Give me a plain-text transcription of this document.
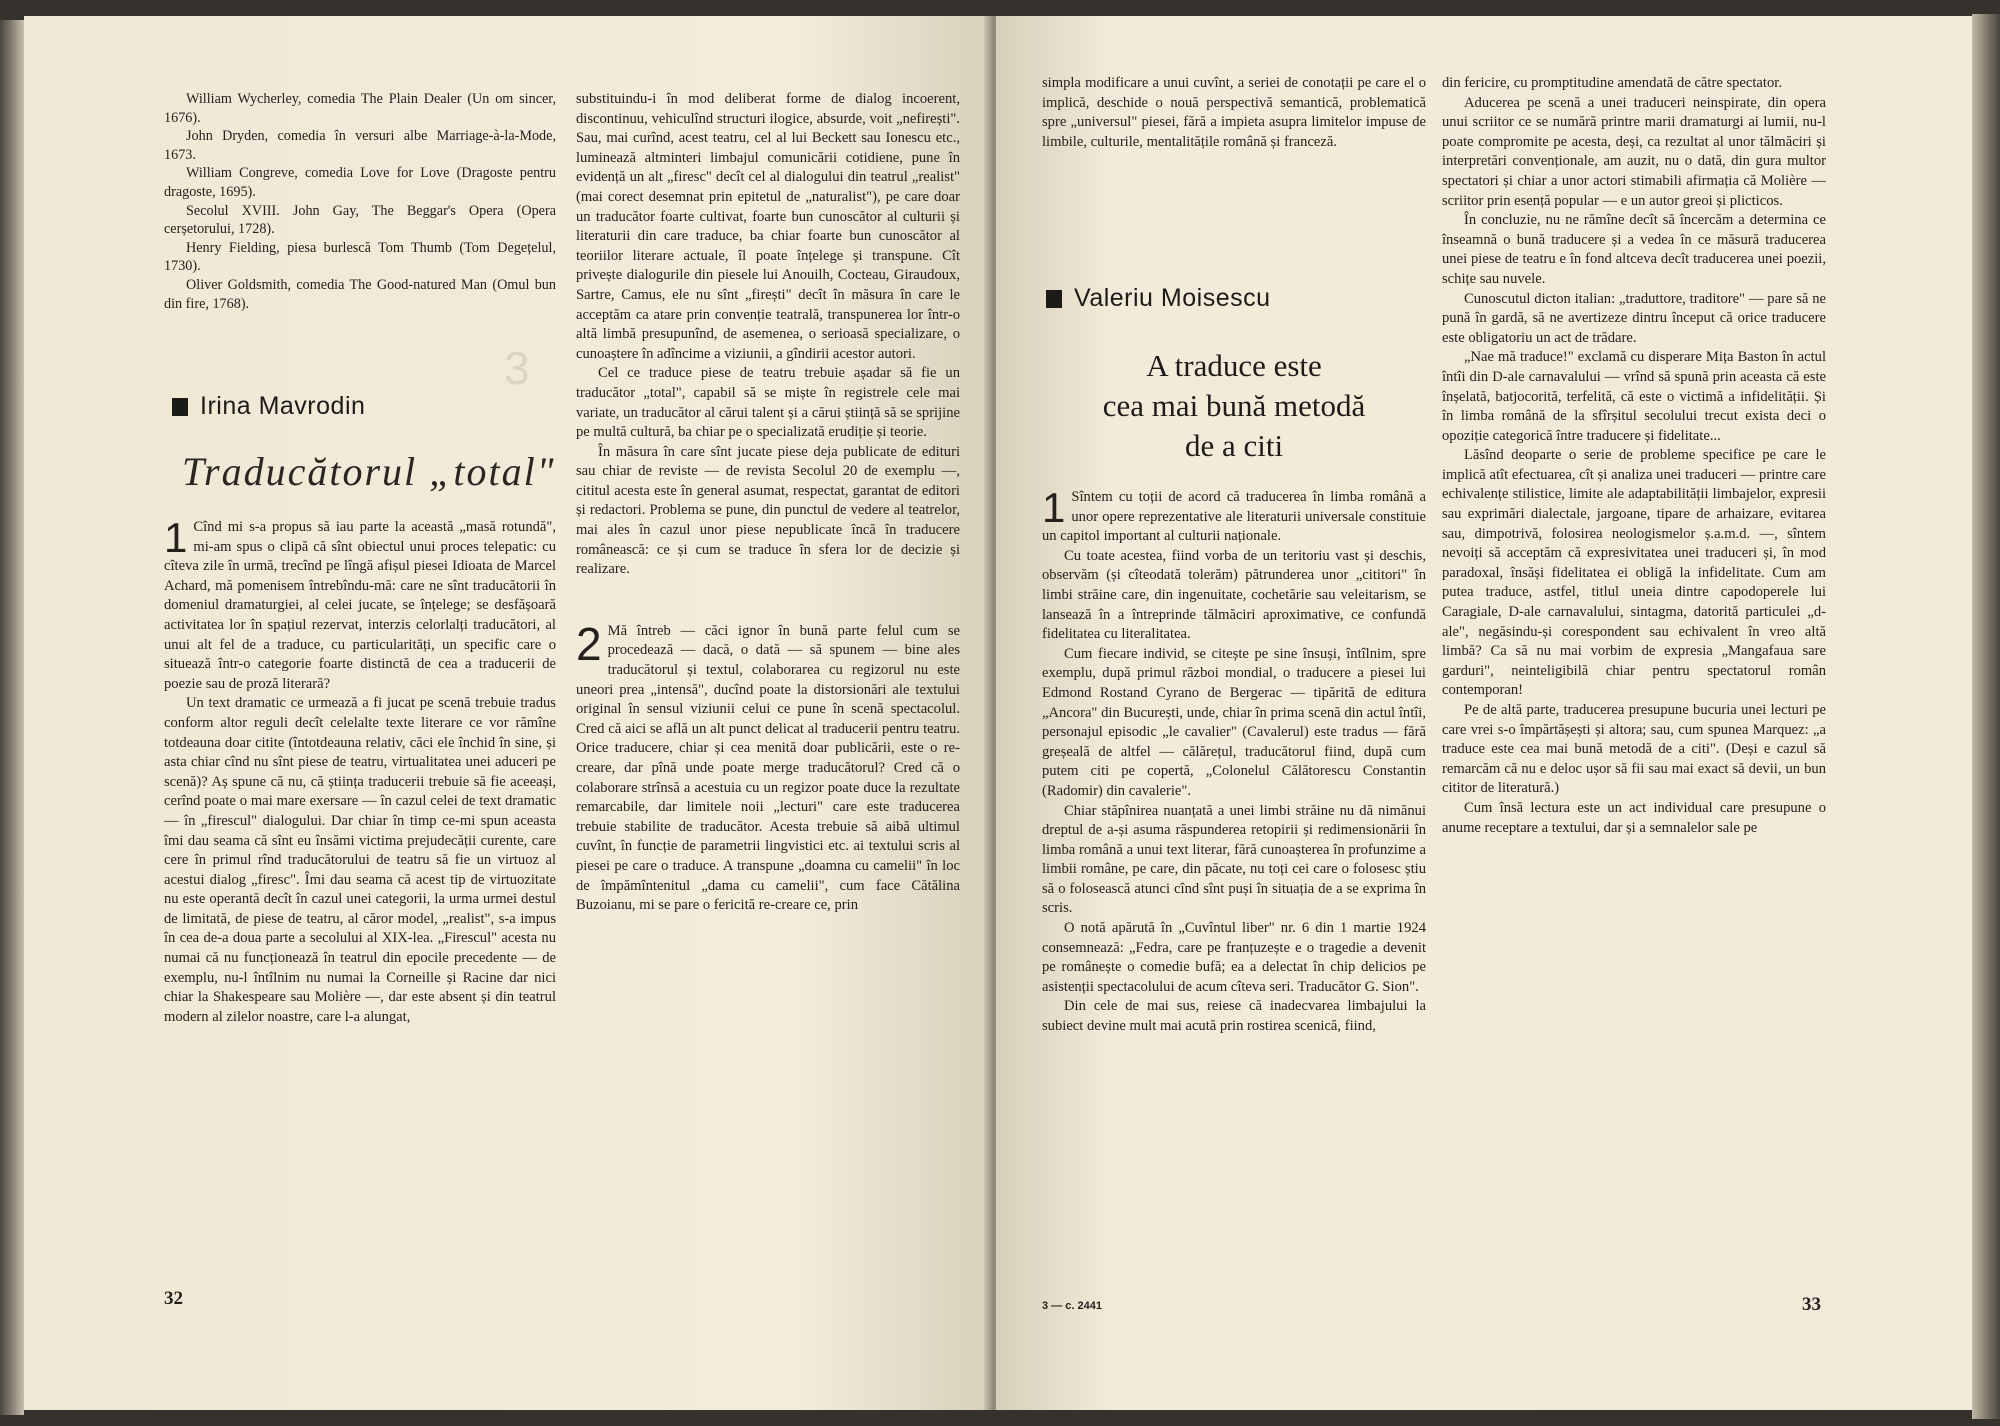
3

William Wycherley, comedia The Plain Dealer (Un om sincer, 1676).

John Dryden, comedia în versuri albe Marriage-à-la-Mode, 1673.

William Congreve, comedia Love for Love (Dragoste pentru dragoste, 1695).

Secolul XVIII. John Gay, The Beggar's Opera (Opera cerșetorului, 1728).

Henry Fielding, piesa burlescă Tom Thumb (Tom Degețelul, 1730).

Oliver Goldsmith, comedia The Good-natured Man (Omul bun din fire, 1768).

Irina Mavrodin
Traducătorul „total"
1 Cînd mi s-a propus să iau parte la această „masă rotundă", mi-am spus o clipă că sînt obiectul unui proces telepatic: cu cîteva zile în urmă, trecînd pe lîngă afișul piesei Idioata de Marcel Achard, mă pomenisem întrebîndu-mă: care ne sînt traducătorii în domeniul dramaturgiei, al celei jucate, se înțelege; se desfășoară activitatea lor în spațiul rezervat, interzis celorlalți traducători, al unui alt fel de a traduce, cu particularitāți, un specific care o situează într-o categorie foarte distinctă de cea a traducerii de poezie sau de proză literară?

Un text dramatic ce urmează a fi jucat pe scenă trebuie tradus conform altor reguli decît celelalte texte literare ce vor rămîne totdeauna doar citite (întotdeauna relativ, căci ele închid în sine, și asta chiar cînd nu sînt piese de teatru, virtualitatea unei aduceri pe scenă)? Aș spune că nu, că știința traducerii trebuie să fie aceeași, cerînd poate o mai mare exersare — în cazul celei de text dramatic — în „firescul" dialogului. Dar chiar în timp ce-mi spun aceasta îmi dau seama că sînt eu însămi victima prejudecății curente, care cere în primul rînd traducătorului de teatru să fie un virtuoz al acestui dialog „firesc". Îmi dau seama că acest tip de virtuozitate nu este operantă decît în cazul unei categorii, la urma urmei destul de limitată, de piese de teatru, al căror model, „realist", s-a impus în cea de-a doua parte a secolului al XIX-lea. „Firescul" acesta nu numai că nu funcționează în teatrul din epocile precedente — de exemplu, nu-l întîlnim nu numai la Corneille și Racine dar nici chiar la Shakespeare sau Molière —, dar este absent și din teatrul modern al zilelor noastre, care l-a alungat,

substituindu-i în mod deliberat forme de dialog incoerent, discontinuu, vehiculînd structuri ilogice, absurde, voit „nefirești". Sau, mai curînd, acest teatru, cel al lui Beckett sau Ionescu etc., luminează altminteri limbajul comunicării cotidiene, pune în evidență un alt „firesc" decît cel al dialogului din teatrul „realist" (mai corect desemnat prin epitetul de „naturalist"), pe care doar un traducător foarte cultivat, foarte bun cunoscător al culturii și literaturii din care traduce, ba chiar foarte bun cunoscător al teoriilor literare actuale, îl poate înțelege și transpune. Cît privește dialogurile din piesele lui Anouilh, Cocteau, Giraudoux, Sartre, Camus, ele nu sînt „firești" decît în măsura în care le acceptăm ca atare prin convenție teatrală, transpunerea lor într-o altă limbă presupunînd, de asemenea, o serioasă specializare, o cunoaștere în adîncime a viziunii, a gîndirii acestor autori.

Cel ce traduce piese de teatru trebuie așadar să fie un traducător „total", capabil să se miște în registrele cele mai variate, un traducător al cărui talent și a cărui știință să se sprijine pe multă cultură, ba chiar pe o specializată erudiție și teorie.

În măsura în care sînt jucate piese deja publicate de edituri sau chiar de reviste — de revista Secolul 20 de exemplu —, cititul acesta este în general asumat, respectat, garantat de editori și redactori. Problema se pune, din punctul de vedere al teatrelor, mai ales în cazul unor piese nepublicate încă în traducere românească: ce și cum se traduce în sfera lor de decizie și realizare.

2 Mă întreb — căci ignor în bună parte felul cum se procedează — dacă, o dată — să spunem — bine ales traducătorul și textul, colaborarea cu regizorul nu este uneori prea „intensă", ducînd poate la distorsionări ale textului original în sensul viziunii celui ce pune în scenă spectacolul. Cred că aici se află un alt punct delicat al traducerii pentru teatru. Orice traducere, chiar și cea menită doar publicării, este o re-creare, dar pînă unde poate merge traducătorul? Cred că o colaborare strînsă a acestuia cu un regizor poate duce la rezultate remarcabile, dar limitele noii „lecturi" care este traducerea trebuie stabilite de traducător. Acesta trebuie să aibă ultimul cuvînt, în funcție de parametrii lingvistici etc. ai textului scris al piesei pe care o traduce. A transpune „doamna cu camelii" în loc de împămîntenitul „dama cu camelii", cum face Cătălina Buzoianu, mi se pare o fericită re-creare ce, prin

32

simpla modificare a unui cuvînt, a seriei de conotații pe care el o implică, deschide o nouă perspectivă semantică, problematică spre „universul" piesei, fără a impieta asupra limitelor impuse de limbile, culturile, mentalitățile română și franceză.

Valeriu Moisescu
A traduce este
cea mai bună metodă
de a citi
1 Sîntem cu toții de acord că traducerea în limba română a unor opere reprezentative ale literaturii universale constituie un capitol important al culturii naționale.

Cu toate acestea, fiind vorba de un teritoriu vast și deschis, observăm (și cîteodată tolerăm) pătrunderea unor „cititori" în limbi străine care, din ingenuitate, cochetărie sau veleitarism, se lansează în a întreprinde tălmăciri aproximative, ce confundă fidelitatea cu literalitatea.

Cum fiecare individ, se citește pe sine însuși, întîlnim, spre exemplu, după primul război mondial, o traducere a piesei lui Edmond Rostand Cyrano de Bergerac — tipărită de editura „Ancora" din București, unde, chiar în prima scenă din actul întîi, personajul episodic „le cavalier" (Cavalerul) este tradus — fără greșeală de altfel — călărețul, traducătorul fiind, după cum putem citi pe copertă, „Colonelul Călătorescu Constantin (Radomir) din cavalerie".

Chiar stăpînirea nuanțată a unei limbi străine nu dă nimănui dreptul de a-și asuma răspunderea retopirii și redimensionării în limba română a unui text literar, fără cunoașterea în profunzime a limbii române, pe care, din păcate, nu toți cei care o folosesc știu să o folosească atunci cînd sînt puși în situația de a se exprima în scris.

O notă apărută în „Cuvîntul liber" nr. 6 din 1 martie 1924 consemnează: „Fedra, care pe franțuzește e o tragedie a devenit pe românește o comedie bufă; ea a delectat în chip delicios pe asistenții spectacolului de acum cîteva seri. Traducător G. Sion".

Din cele de mai sus, reiese că inadecvarea limbajului la subiect devine mult mai acută prin rostirea scenică, fiind,

din fericire, cu promptitudine amendată de către spectator.

Aducerea pe scenă a unei traduceri neinspirate, din opera unui scriitor ce se numără printre marii dramaturgi ai lumii, nu-l poate compromite pe acesta, deși, ca rezultat al unor tălmăciri și interpretări convenționale, am auzit, nu o dată, din gura multor spectatori și chiar a unor actori stimabili afirmația că Molière — scriitor prin esență popular — e un autor greoi și plicticos.

În concluzie, nu ne rămîne decît să încercăm a determina ce înseamnă o bună traducere și a vedea în ce măsură traducerea unei piese de teatru e în fond altceva decît traducerea unei poezii, schițe sau nuvele.

Cunoscutul dicton italian: „traduttore, traditore" — pare să ne pună în gardă, să ne avertizeze dintru început că orice traducere este obligatoriu un act de trădare.

„Nae mă traduce!" exclamă cu disperare Mița Baston în actul întîi din D-ale carnavalului — vrînd să spună prin aceasta că este înșelată, batjocorită, terfelită, că este o victimă a infidelității. Și în limba română de la sfîrșitul secolului trecut exista deci o opoziție categorică între traducere și fidelitate...

Lăsînd deoparte o serie de probleme specifice pe care le implică atît efectuarea, cît și analiza unei traduceri — printre care echivalențe stilistice, limite ale adaptabilității limbajelor, expresii sau exprimări dialectale, jargoane, tipare de arhaizare, evitarea sau, dimpotrivă, folosirea neologismelor ș.a.m.d. —, sîntem nevoiți să acceptăm că expresivitatea unei traduceri și, în mod paradoxal, însăși fidelitatea ei obligă la infidelitate. Cum am putea traduce, astfel, titlul uneia dintre capodoperele lui Caragiale, D-ale carnavalului, sintagma, datorită particulei „d-ale", negăsindu-și corespondent sau echivalent în vreo altă limbă? Ca să nu mai vorbim de expresia „Mangafaua sare garduri", neinteligibilă chiar pentru spectatorul român contemporan!

Pe de altă parte, traducerea presupune bucuria unei lecturi pe care vrei s-o împărtășești și altora; sau, cum spunea Marquez: „a traduce este cea mai bună metodă de a citi". (Deși e cazul să remarcăm că nu e deloc ușor să fii sau mai exact să devii, un bun cititor de literatură.)

Cum însă lectura este un act individual care presupune o anume receptare a textului, dar și a semnalelor sale pe

3 — c. 2441	33
